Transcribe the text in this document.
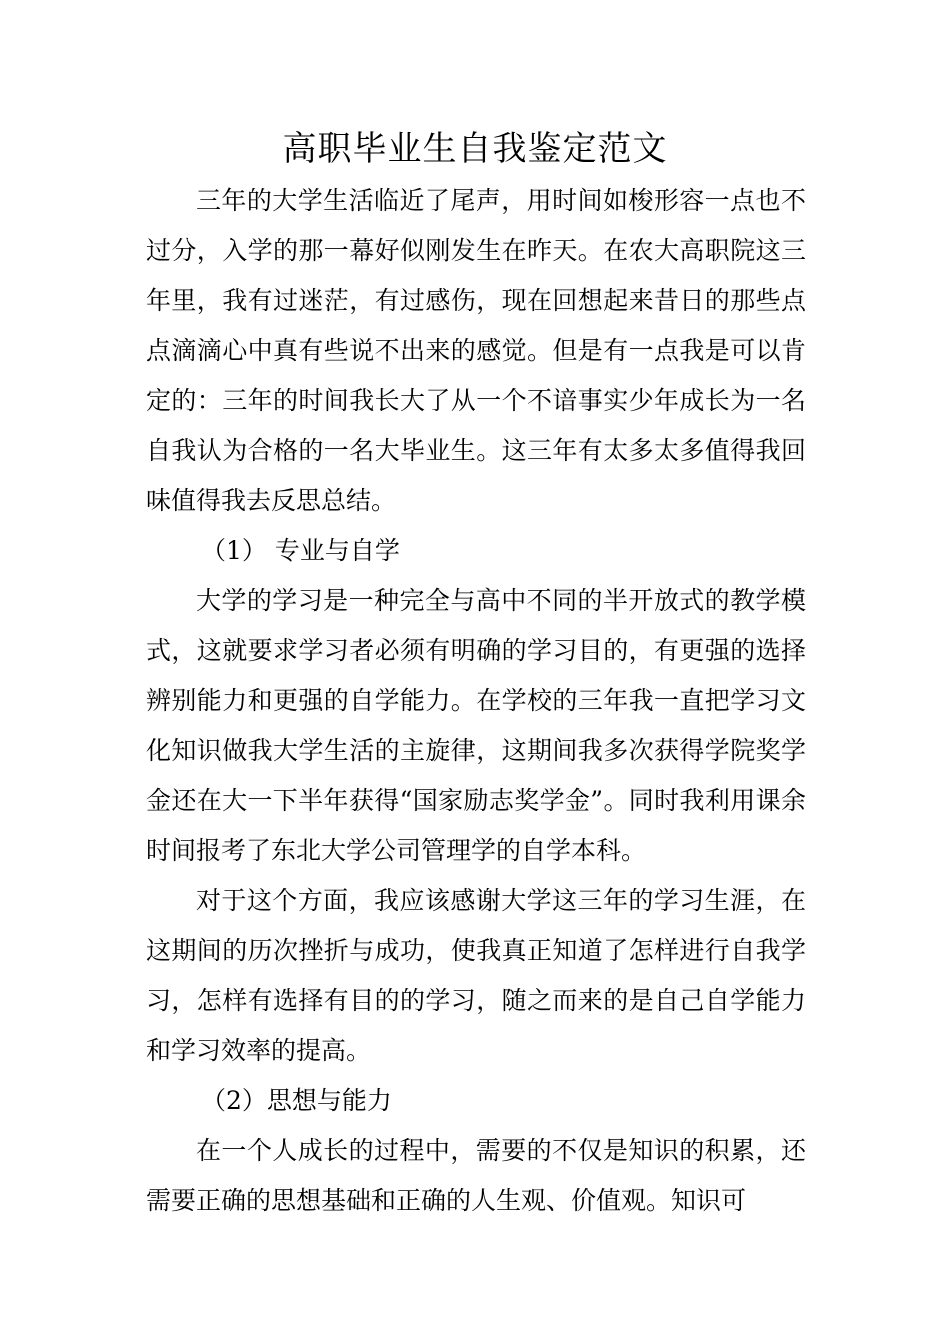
高职毕业生自我鉴定范文

三年的大学生活临近了尾声，用时间如梭形容一点也不过分，入学的那一幕好似刚发生在昨天。在农大高职院这三年里，我有过迷茫，有过感伤，现在回想起来昔日的那些点点滴滴心中真有些说不出来的感觉。但是有一点我是可以肯定的：三年的时间我长大了从一个不谙事实少年成长为一名自我认为合格的一名大毕业生。这三年有太多太多值得我回味值得我去反思总结。

（1） 专业与自学

大学的学习是一种完全与高中不同的半开放式的教学模式，这就要求学习者必须有明确的学习目的，有更强的选择辨别能力和更强的自学能力。在学校的三年我一直把学习文化知识做我大学生活的主旋律，这期间我多次获得学院奖学金还在大一下半年获得“国家励志奖学金”。同时我利用课余时间报考了东北大学公司管理学的自学本科。

对于这个方面，我应该感谢大学这三年的学习生涯，在这期间的历次挫折与成功，使我真正知道了怎样进行自我学习，怎样有选择有目的的学习，随之而来的是自己自学能力和学习效率的提高。

（2）思想与能力

在一个人成长的过程中，需要的不仅是知识的积累，还需要正确的思想基础和正确的人生观、价值观。知识可
